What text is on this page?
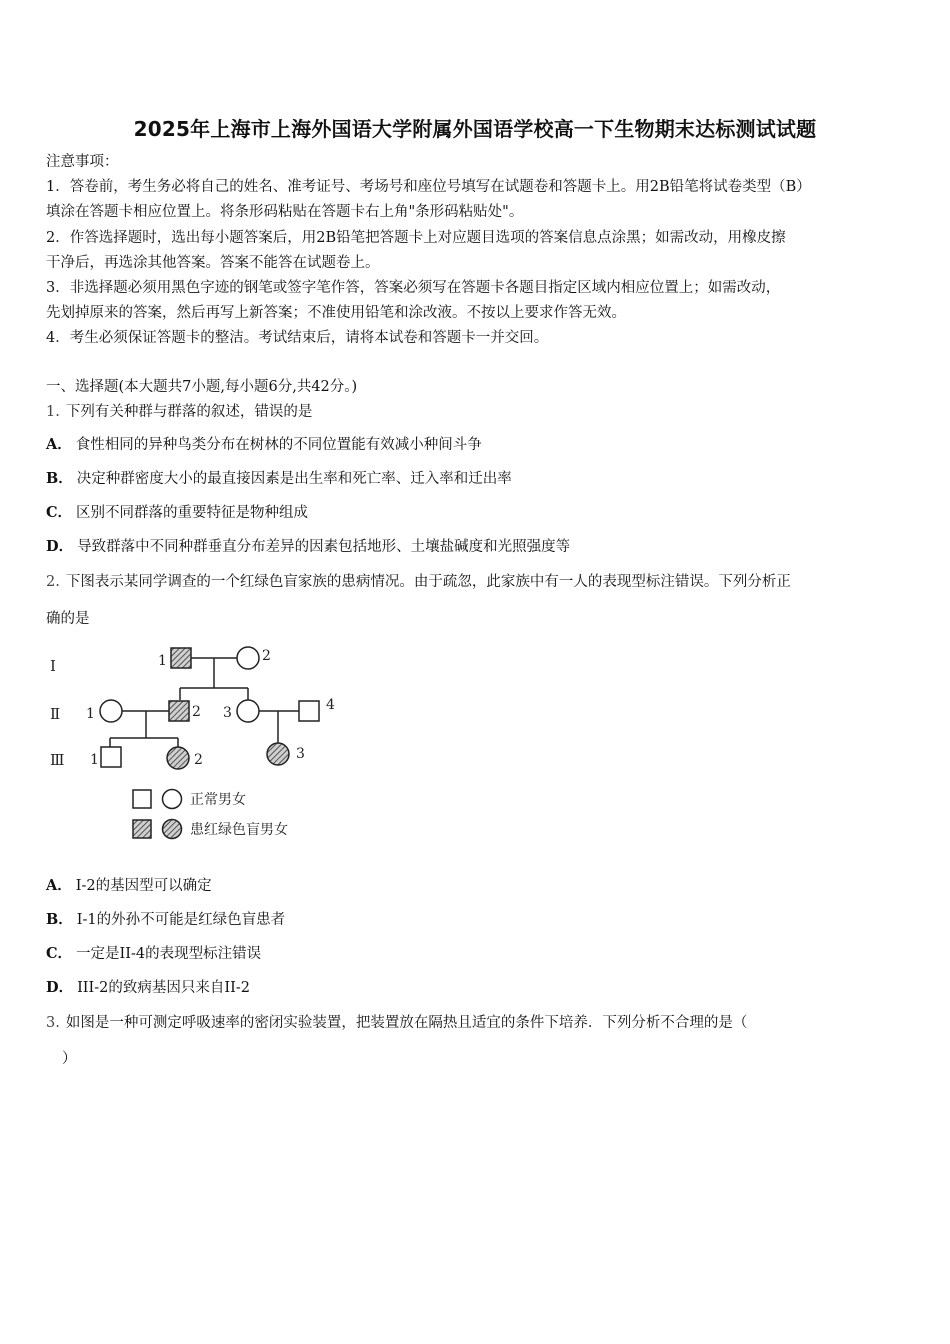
2025年上海市上海外国语大学附属外国语学校高一下生物期末达标测试试题
注意事项：
1．答卷前，考生务必将自己的姓名、准考证号、考场号和座位号填写在试题卷和答题卡上。用2B铅笔将试卷类型（B）
填涂在答题卡相应位置上。将条形码粘贴在答题卡右上角"条形码粘贴处"。
2．作答选择题时，选出每小题答案后，用2B铅笔把答题卡上对应题目选项的答案信息点涂黑；如需改动，用橡皮擦
干净后，再选涂其他答案。答案不能答在试题卷上。
3．非选择题必须用黑色字迹的钢笔或签字笔作答，答案必须写在答题卡各题目指定区域内相应位置上；如需改动，
先划掉原来的答案，然后再写上新答案；不准使用铅笔和涂改液。不按以上要求作答无效。
4．考生必须保证答题卡的整洁。考试结束后，请将本试卷和答题卡一并交回。
一、选择题(本大题共7小题,每小题6分,共42分。)
1. 下列有关种群与群落的叙述，错误的是
A． 食性相同的异种鸟类分布在树林的不同位置能有效减小种间斗争
B． 决定种群密度大小的最直接因素是出生率和死亡率、迁入率和迁出率
C． 区别不同群落的重要特征是物种组成
D． 导致群落中不同种群垂直分布差异的因素包括地形、土壤盐碱度和光照强度等
2. 下图表示某同学调查的一个红绿色盲家族的患病情况。由于疏忽，此家族中有一人的表现型标注错误。下列分析正
确的是
Ⅰ
Ⅱ
Ⅲ
1	2
1	2 3	4
1	2	3
正常男女
患红绿色盲男女
A． I-2的基因型可以确定
B． I-1的外孙不可能是红绿色盲患者
C． 一定是II-4的表现型标注错误
D． III-2的致病基因只来自II-2
3. 如图是一种可测定呼吸速率的密闭实验装置，把装置放在隔热且适宜的条件下培养．下列分析不合理的是（
）
